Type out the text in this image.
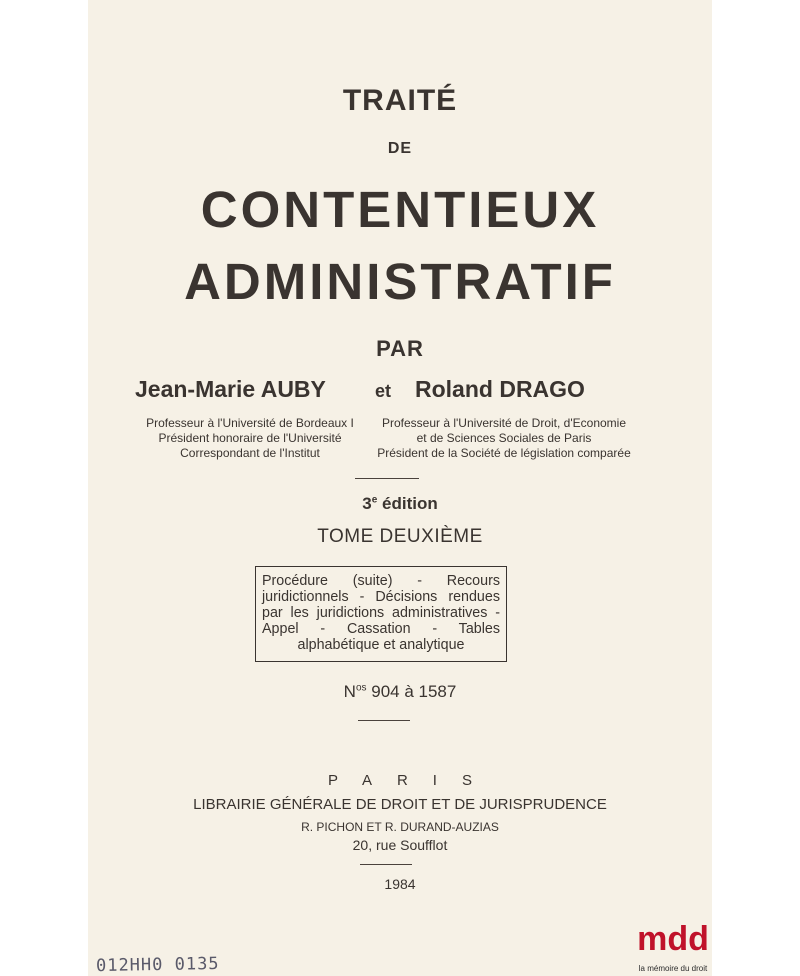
TRAITÉ
DE
CONTENTIEUX
ADMINISTRATIF
PAR
Jean-Marie AUBY	et Roland DRAGO
Professeur à l'Université de Bordeaux I
Président honoraire de l'Université
Correspondant de l'Institut
Professeur à l'Université de Droit, d'Economie
et de Sciences Sociales de Paris
Président de la Société de législation comparée
3e édition
TOME DEUXIÈME
Procédure (suite) - Recours juridictionnels - Décisions rendues par les juridictions administratives - Appel - Cassation - Tables alphabétique et analytique
$N^{os}$ 904 à 1587
PARIS
LIBRAIRIE GÉNÉRALE DE DROIT ET DE JURISPRUDENCE
R. PICHON ET R. DURAND-AUZIAS
20, rue Soufflot
1984
012HH0 0135
mdd
la mémoire du droit
